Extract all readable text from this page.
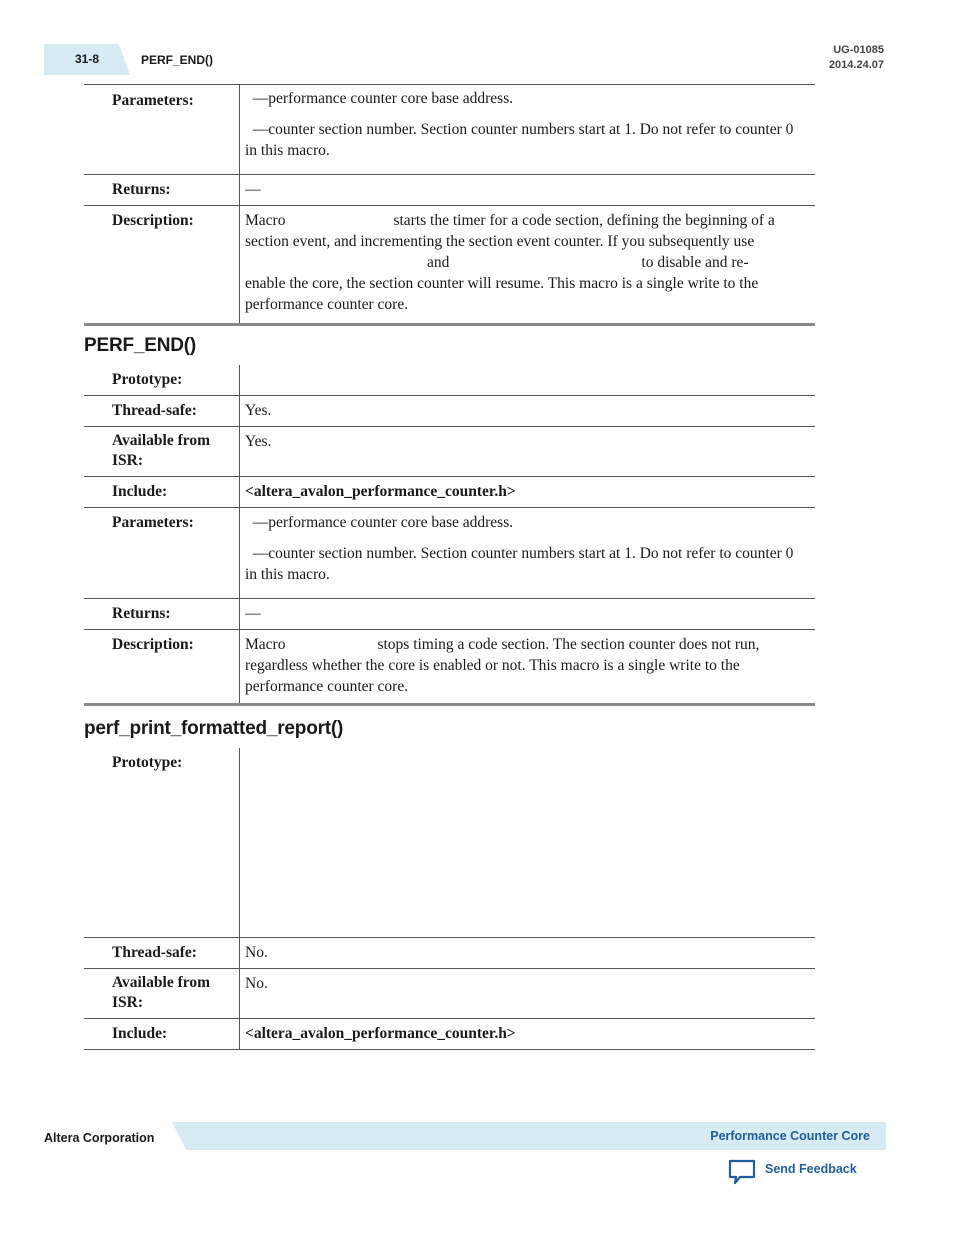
31-8	PERF_END()
UG-01085
2014.24.07
Parameters:	—performance counter core base address.

—counter section number. Section counter numbers start at 1. Do not refer to counter 0 in this macro.

Returns:	—
Description:	Macro starts the timer for a code section, defining the beginning of a section event, and incrementing the section event counter. If you subsequently useand to disable and re-enable the core, the section counter will resume. This macro is a single write to the performance counter core.
PERF_END()
Prototype:	
Thread-safe:	Yes.
Available from ISR:	Yes.
Include:	<altera_avalon_performance_counter.h>
Parameters:	—performance counter core base address.

—counter section number. Section counter numbers start at 1. Do not refer to counter 0 in this macro.

Returns:	—
Description:	Macro stops timing a code section. The section counter does not run, regardless whether the core is enabled or not. This macro is a single write to the performance counter core.
perf_print_formatted_report()
Prototype:	
Thread-safe:	No.
Available from ISR:	No.
Include:	<altera_avalon_performance_counter.h>
Altera Corporation	Performance Counter Core
Send Feedback
